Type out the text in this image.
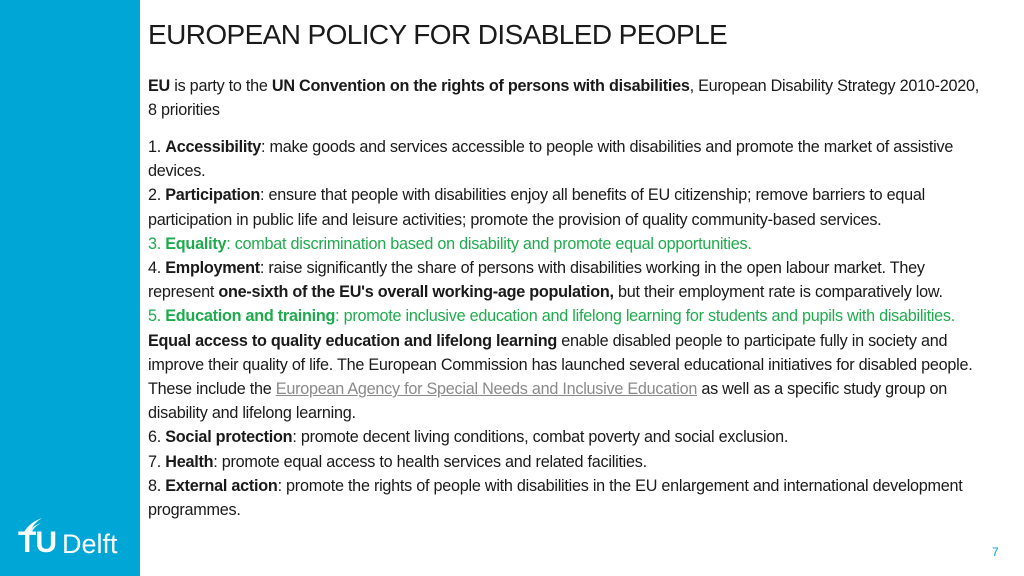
TU Delft
EUROPEAN POLICY FOR DISABLED PEOPLE
EU is party to the UN Convention on the rights of persons with disabilities, European Disability Strategy 2010-2020, 8 priorities
1. Accessibility: make goods and services accessible to people with disabilities and promote the market of assistive devices.
2. Participation: ensure that people with disabilities enjoy all benefits of EU citizenship; remove barriers to equal participation in public life and leisure activities; promote the provision of quality community-based services.
3. Equality: combat discrimination based on disability and promote equal opportunities.
4. Employment: raise significantly the share of persons with disabilities working in the open labour market. They represent one-sixth of the EU's overall working-age population, but their employment rate is comparatively low.
5. Education and training: promote inclusive education and lifelong learning for students and pupils with disabilities. Equal access to quality education and lifelong learning enable disabled people to participate fully in society and improve their quality of life. The European Commission has launched several educational initiatives for disabled people. These include the European Agency for Special Needs and Inclusive Education as well as a specific study group on disability and lifelong learning.
6. Social protection: promote decent living conditions, combat poverty and social exclusion.
7. Health: promote equal access to health services and related facilities.
8. External action: promote the rights of people with disabilities in the EU enlargement and international development programmes.
7
